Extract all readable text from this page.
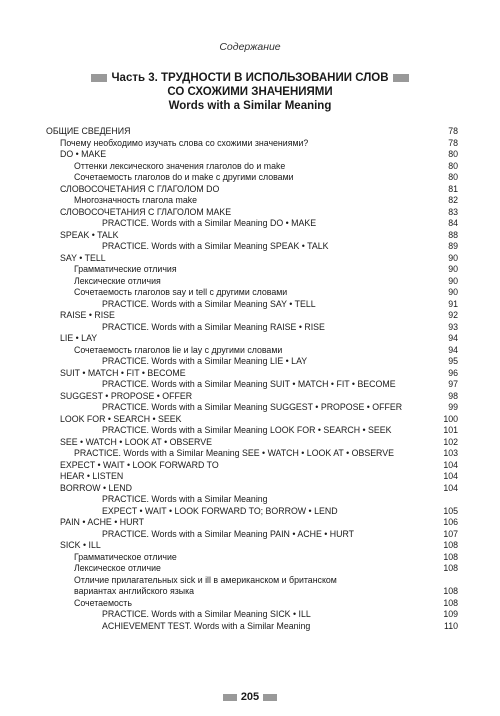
Содержание
Часть 3. ТРУДНОСТИ В ИСПОЛЬЗОВАНИИ СЛОВ
СО СХОЖИМИ ЗНАЧЕНИЯМИ
Words with a Similar Meaning
ОБЩИЕ СВЕДЕНИЯ	78
Почему необходимо изучать слова со схожими значениями?	78
DO • MAKE	80
Оттенки лексического значения глаголов do и make	80
Сочетаемость глаголов do и make с другими словами	80
СЛОВОСОЧЕТАНИЯ С ГЛАГОЛОМ DO	81
Многозначность глагола make	82
СЛОВОСОЧЕТАНИЯ С ГЛАГОЛОМ MAKE	83
PRACTICE. Words with a Similar Meaning DO • MAKE	84
SPEAK • TALK	88
PRACTICE. Words with a Similar Meaning SPEAK • TALK	89
SAY • TELL	90
Грамматические отличия	90
Лексические отличия	90
Сочетаемость глаголов say и tell с другими словами	90
PRACTICE. Words with a Similar Meaning SAY • TELL	91
RAISE • RISE	92
PRACTICE. Words with a Similar Meaning RAISE • RISE	93
LIE • LAY	94
Сочетаемость глаголов lie и lay с другими словами	94
PRACTICE. Words with a Similar Meaning LIE • LAY	95
SUIT • MATCH • FIT • BECOME	96
PRACTICE. Words with a Similar Meaning SUIT • MATCH • FIT • BECOME	97
SUGGEST • PROPOSE • OFFER	98
PRACTICE. Words with a Similar Meaning SUGGEST • PROPOSE • OFFER	99
LOOK FOR • SEARCH • SEEK	100
PRACTICE. Words with a Similar Meaning LOOK FOR • SEARCH • SEEK	101
SEE • WATCH • LOOK AT • OBSERVE	102
PRACTICE. Words with a Similar Meaning SEE • WATCH • LOOK AT • OBSERVE	103
EXPECT • WAIT • LOOK FORWARD TO	104
HEAR • LISTEN	104
BORROW • LEND	104
PRACTICE. Words with a Similar Meaning
EXPECT • WAIT • LOOK FORWARD TO; BORROW • LEND	105
PAIN • ACHE • HURT	106
PRACTICE. Words with a Similar Meaning PAIN • ACHE • HURT	107
SICK • ILL	108
Грамматическое отличие	108
Лексическое отличие	108
Отличие прилагательных sick и ill в американском и британском
вариантах английского языка	108
Сочетаемость	108
PRACTICE. Words with a Similar Meaning SICK • ILL	109
ACHIEVEMENT TEST. Words with a Similar Meaning	110
205
